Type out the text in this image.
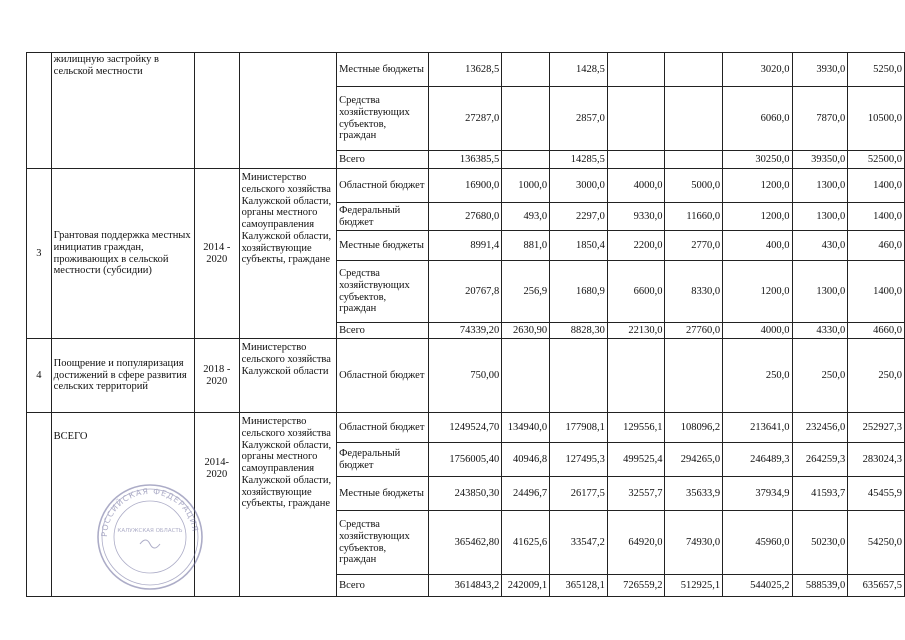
	жилищную застройку в сельской местности			Местные бюджеты	13628,5		1428,5			3020,0	3930,0	5250,0
				Средства хозяйствующих субъектов, граждан	27287,0		2857,0			6060,0	7870,0	10500,0
				Всего	136385,5		14285,5			30250,0	39350,0	52500,0
3	Грантовая поддержка местных инициатив граждан, проживающих в сельской местности (субсидии)	2014 - 2020	Министерство сельского хозяйства Калужской области, органы местного самоуправления Калужской области, хозяйствующие субъекты, граждане	Областной бюджет	16900,0	1000,0	3000,0	4000,0	5000,0	1200,0	1300,0	1400,0
				Федеральный бюджет	27680,0	493,0	2297,0	9330,0	11660,0	1200,0	1300,0	1400,0
				Местные бюджеты	8991,4	881,0	1850,4	2200,0	2770,0	400,0	430,0	460,0
				Средства хозяйствующих субъектов, граждан	20767,8	256,9	1680,9	6600,0	8330,0	1200,0	1300,0	1400,0
				Всего	74339,20	2630,90	8828,30	22130,0	27760,0	4000,0	4330,0	4660,0
4	Поощрение и популяризация достижений в сфере развития сельских территорий	2018 - 2020	Министерство сельского хозяйства Калужской области	Областной бюджет	750,00					250,0	250,0	250,0
	ВСЕГО	2014- 2020	Министерство сельского хозяйства Калужской области, органы местного самоуправления Калужской области, хозяйствующие субъекты, граждане	Областной бюджет	1249524,70	134940,0	177908,1	129556,1	108096,2	213641,0	232456,0	252927,3
				Федеральный бюджет	1756005,40	40946,8	127495,3	499525,4	294265,0	246489,3	264259,3	283024,3
				Местные бюджеты	243850,30	24496,7	26177,5	32557,7	35633,9	37934,9	41593,7	45455,9
				Средства хозяйствующих субъектов, граждан	365462,80	41625,6	33547,2	64920,0	74930,0	45960,0	50230,0	54250,0
				Всего	3614843,2	242009,1	365128,1	726559,2	512925,1	544025,2	588539,0	635657,5
РОССИЙСКАЯ ФЕДЕРАЦИЯ
КАЛУЖСКАЯ ОБЛАСТЬ
